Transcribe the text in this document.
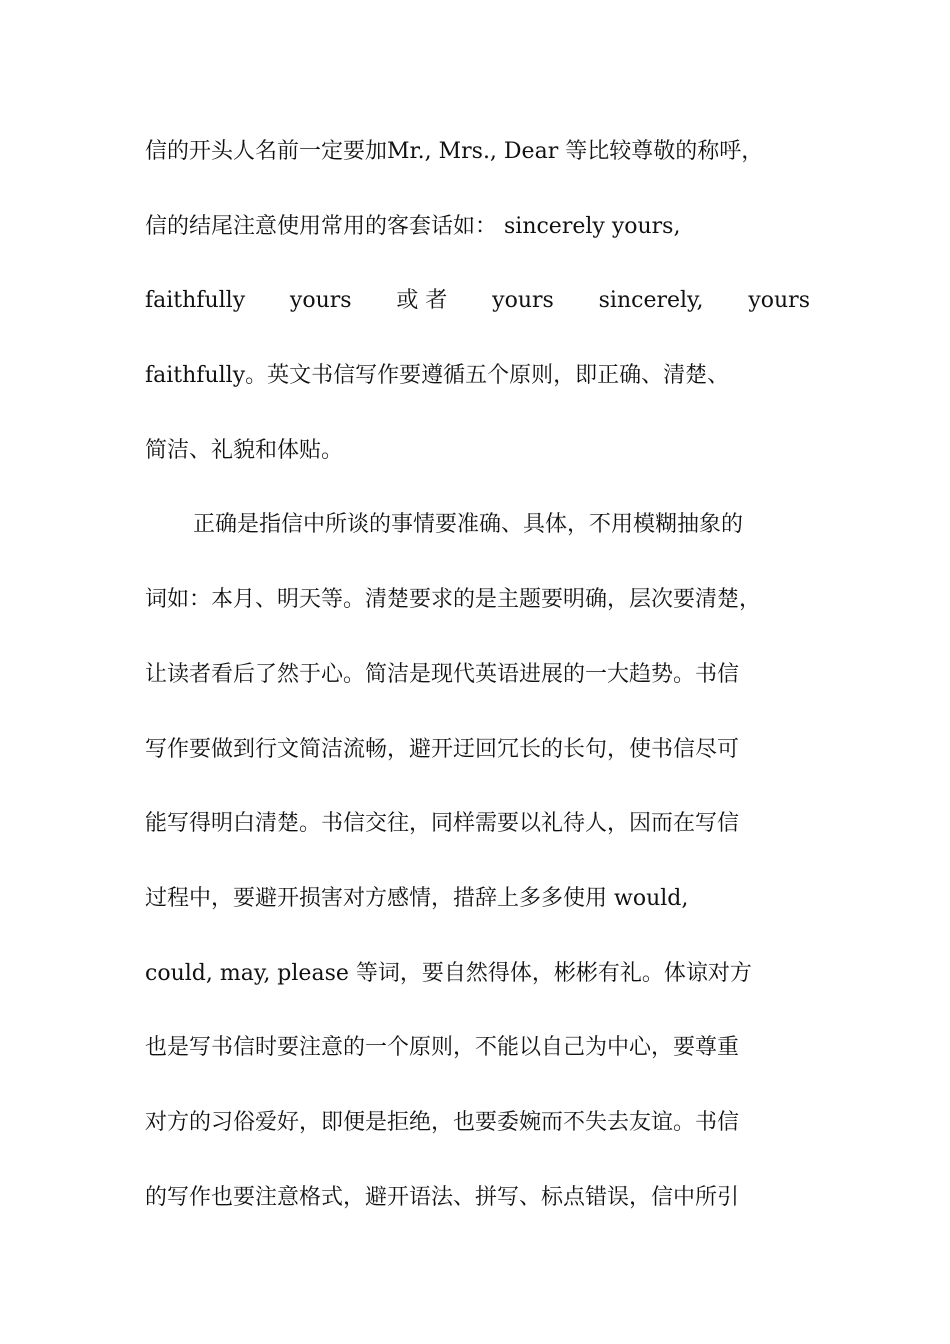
信的开头人名前一定要加Mr., Mrs., Dear 等比较尊敬的称呼，
信的结尾注意使用常用的客套话如： sincerely yours,
faithfully yours 或 者 yours sincerely, yours
faithfully。英文书信写作要遵循五个原则，即正确、清楚、
简洁、礼貌和体贴。
正确是指信中所谈的事情要准确、具体，不用模糊抽象的
词如：本月、明天等。清楚要求的是主题要明确，层次要清楚，
让读者看后了然于心。简洁是现代英语进展的一大趋势。书信
写作要做到行文简洁流畅，避开迂回冗长的长句，使书信尽可
能写得明白清楚。书信交往，同样需要以礼待人，因而在写信
过程中，要避开损害对方感情，措辞上多多使用 would,
could, may, please 等词，要自然得体，彬彬有礼。体谅对方
也是写书信时要注意的一个原则，不能以自己为中心，要尊重
对方的习俗爱好，即便是拒绝，也要委婉而不失去友谊。书信
的写作也要注意格式，避开语法、拼写、标点错误，信中所引
